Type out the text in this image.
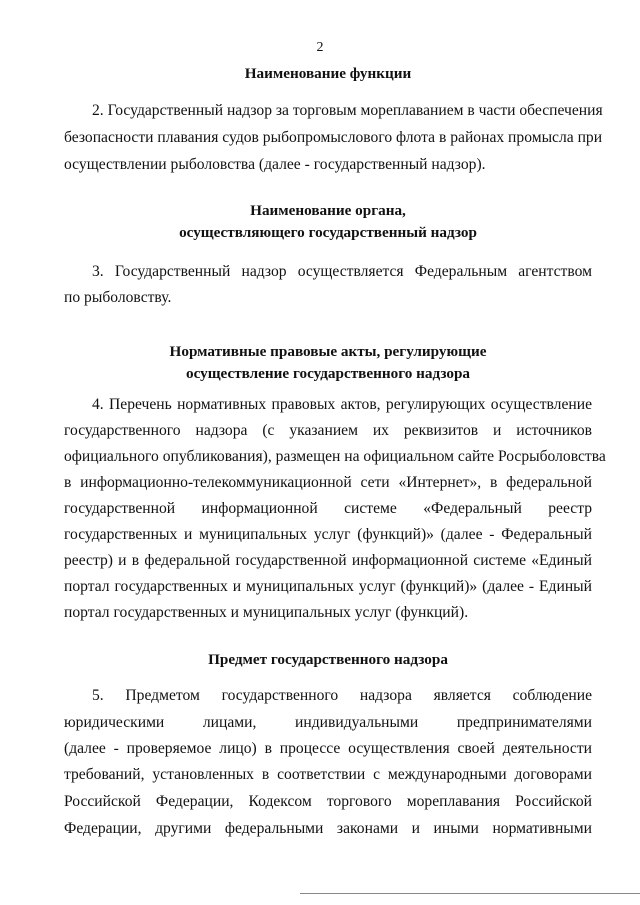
2
Наименование функции
2. Государственный надзор за торговым мореплаванием в части обеспечения
безопасности плавания судов рыбопромыслового флота в районах промысла при
осуществлении рыболовства (далее - государственный надзор).
Наименование органа,
осуществляющего государственный надзор
3. Государственный надзор осуществляется Федеральным агентством
по рыболовству.
Нормативные правовые акты, регулирующие
осуществление государственного надзора
4. Перечень нормативных правовых актов, регулирующих осуществление
государственного надзора (с указанием их реквизитов и источников
официального опубликования), размещен на официальном сайте Росрыболовства
в информационно-телекоммуникационной сети «Интернет», в федеральной
государственной информационной системе «Федеральный реестр
государственных и муниципальных услуг (функций)» (далее - Федеральный
реестр) и в федеральной государственной информационной системе «Единый
портал государственных и муниципальных услуг (функций)» (далее - Единый
портал государственных и муниципальных услуг (функций).
Предмет государственного надзора
5. Предметом государственного надзора является соблюдение
юридическими лицами, индивидуальными предпринимателями
(далее - проверяемое лицо) в процессе осуществления своей деятельности
требований, установленных в соответствии с международными договорами
Российской Федерации, Кодексом торгового мореплавания Российской
Федерации, другими федеральными законами и иными нормативными
